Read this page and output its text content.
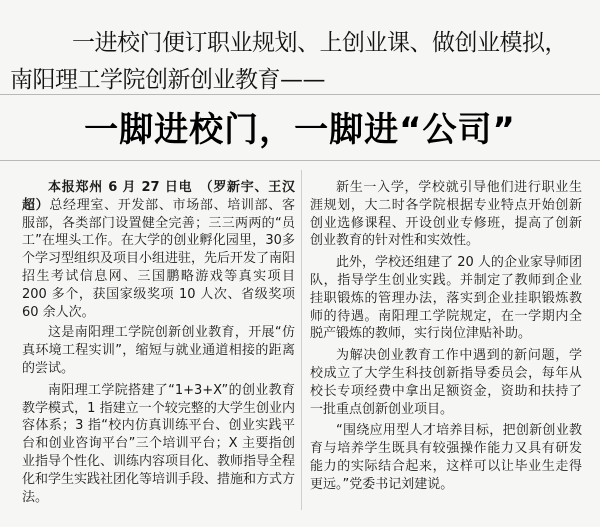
一进校门便订职业规划、上创业课、做创业模拟，
南阳理工学院创新创业教育——
一脚进校门，一脚进“公司”

本报郑州 6 月 27 日电　 （罗新宇、王汉超）总经理室、开发部、市场部、培训部、客服部，各类部门设置健全完善；三三两两的“员工”在埋头工作。在大学的创业孵化园里，30多个学习型组织及项目小组进驻，先后开发了南阳招生考试信息网、三国鹏略游戏等真实项目 200 多个，获国家级奖项 10 人次、省级奖项 60 余人次。

这是南阳理工学院创新创业教育，开展“仿真环境工程实训”，缩短与就业通道相接的距离的尝试。

南阳理工学院搭建了“1+3+X”的创业教育教学模式，1 指建立一个较完整的大学生创业内容体系；3 指“校内仿真训练平台、创业实践平台和创业咨询平台”三个培训平台；X 主要指创业指导个性化、训练内容项目化、教师指导全程化和学生实践社团化等培训手段、措施和方式方法。

新生一入学，学校就引导他们进行职业生涯规划，大二时各学院根据专业特点开始创新创业选修课程、开设创业专修班，提高了创新创业教育的针对性和实效性。

此外，学校还组建了 20 人的企业家导师团队，指导学生创业实践。并制定了教师到企业挂职锻炼的管理办法，落实到企业挂职锻炼教师的待遇。南阳理工学院规定，在一学期内全脱产锻炼的教师，实行岗位津贴补助。

为解决创业教育工作中遇到的新问题，学校成立了大学生科技创新指导委员会，每年从校长专项经费中拿出足额资金，资助和扶持了一批重点创新创业项目。

“围绕应用型人才培养目标，把创新创业教育与培养学生既具有较强操作能力又具有研发能力的实际结合起来，这样可以让毕业生走得更远。”党委书记刘建说。
